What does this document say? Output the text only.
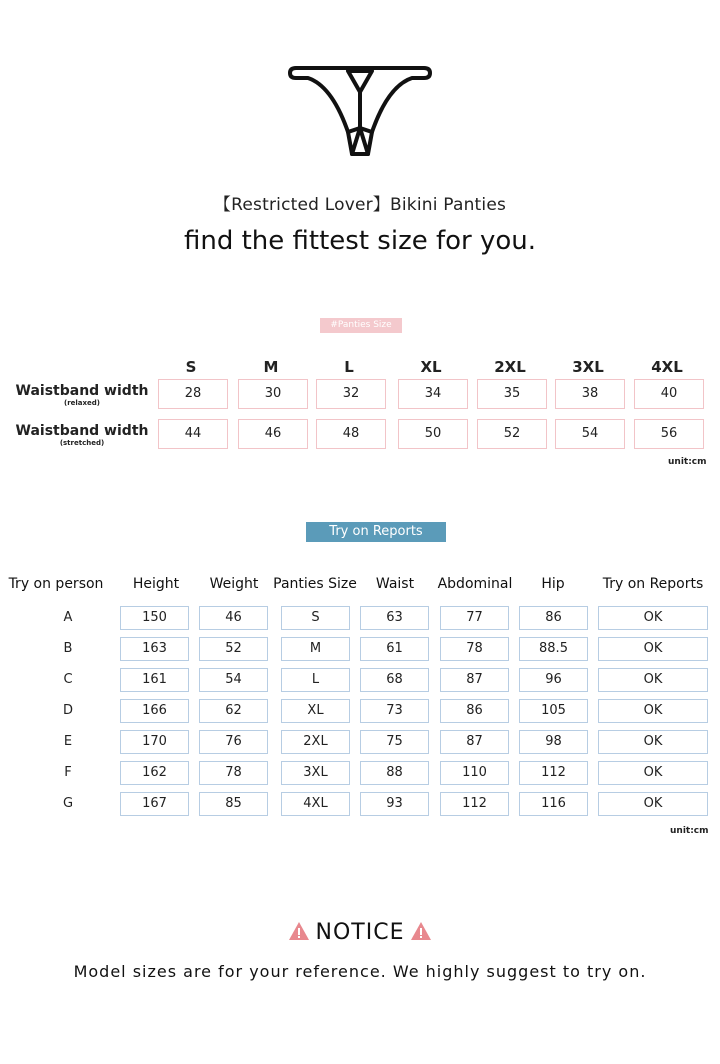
【Restricted Lover】Bikini Panties
find the fittest size for you.
#Panties Size
S	M	L	XL	2XL	3XL	4XL
Waistband width
(relaxed)
28	30	32	34	35	38	40
Waistband width
(stretched)
44	46	48	50	52	54	56
unit:cm
Try on Reports
Try on person	Height	Weight	Panties Size	Waist	Abdominal	Hip	Try on Reports
A	150	46	S	63	77	86	OK
B	163	52	M	61	78	88.5	OK
C	161	54	L	68	87	96	OK
D	166	62	XL	73	86	105	OK
E	170	76	2XL	75	87	98	OK
F	162	78	3XL	88	110	112	OK
G	167	85	4XL	93	112	116	OK
unit:cm
NOTICE
Model sizes are for your reference. We highly suggest to try on.
